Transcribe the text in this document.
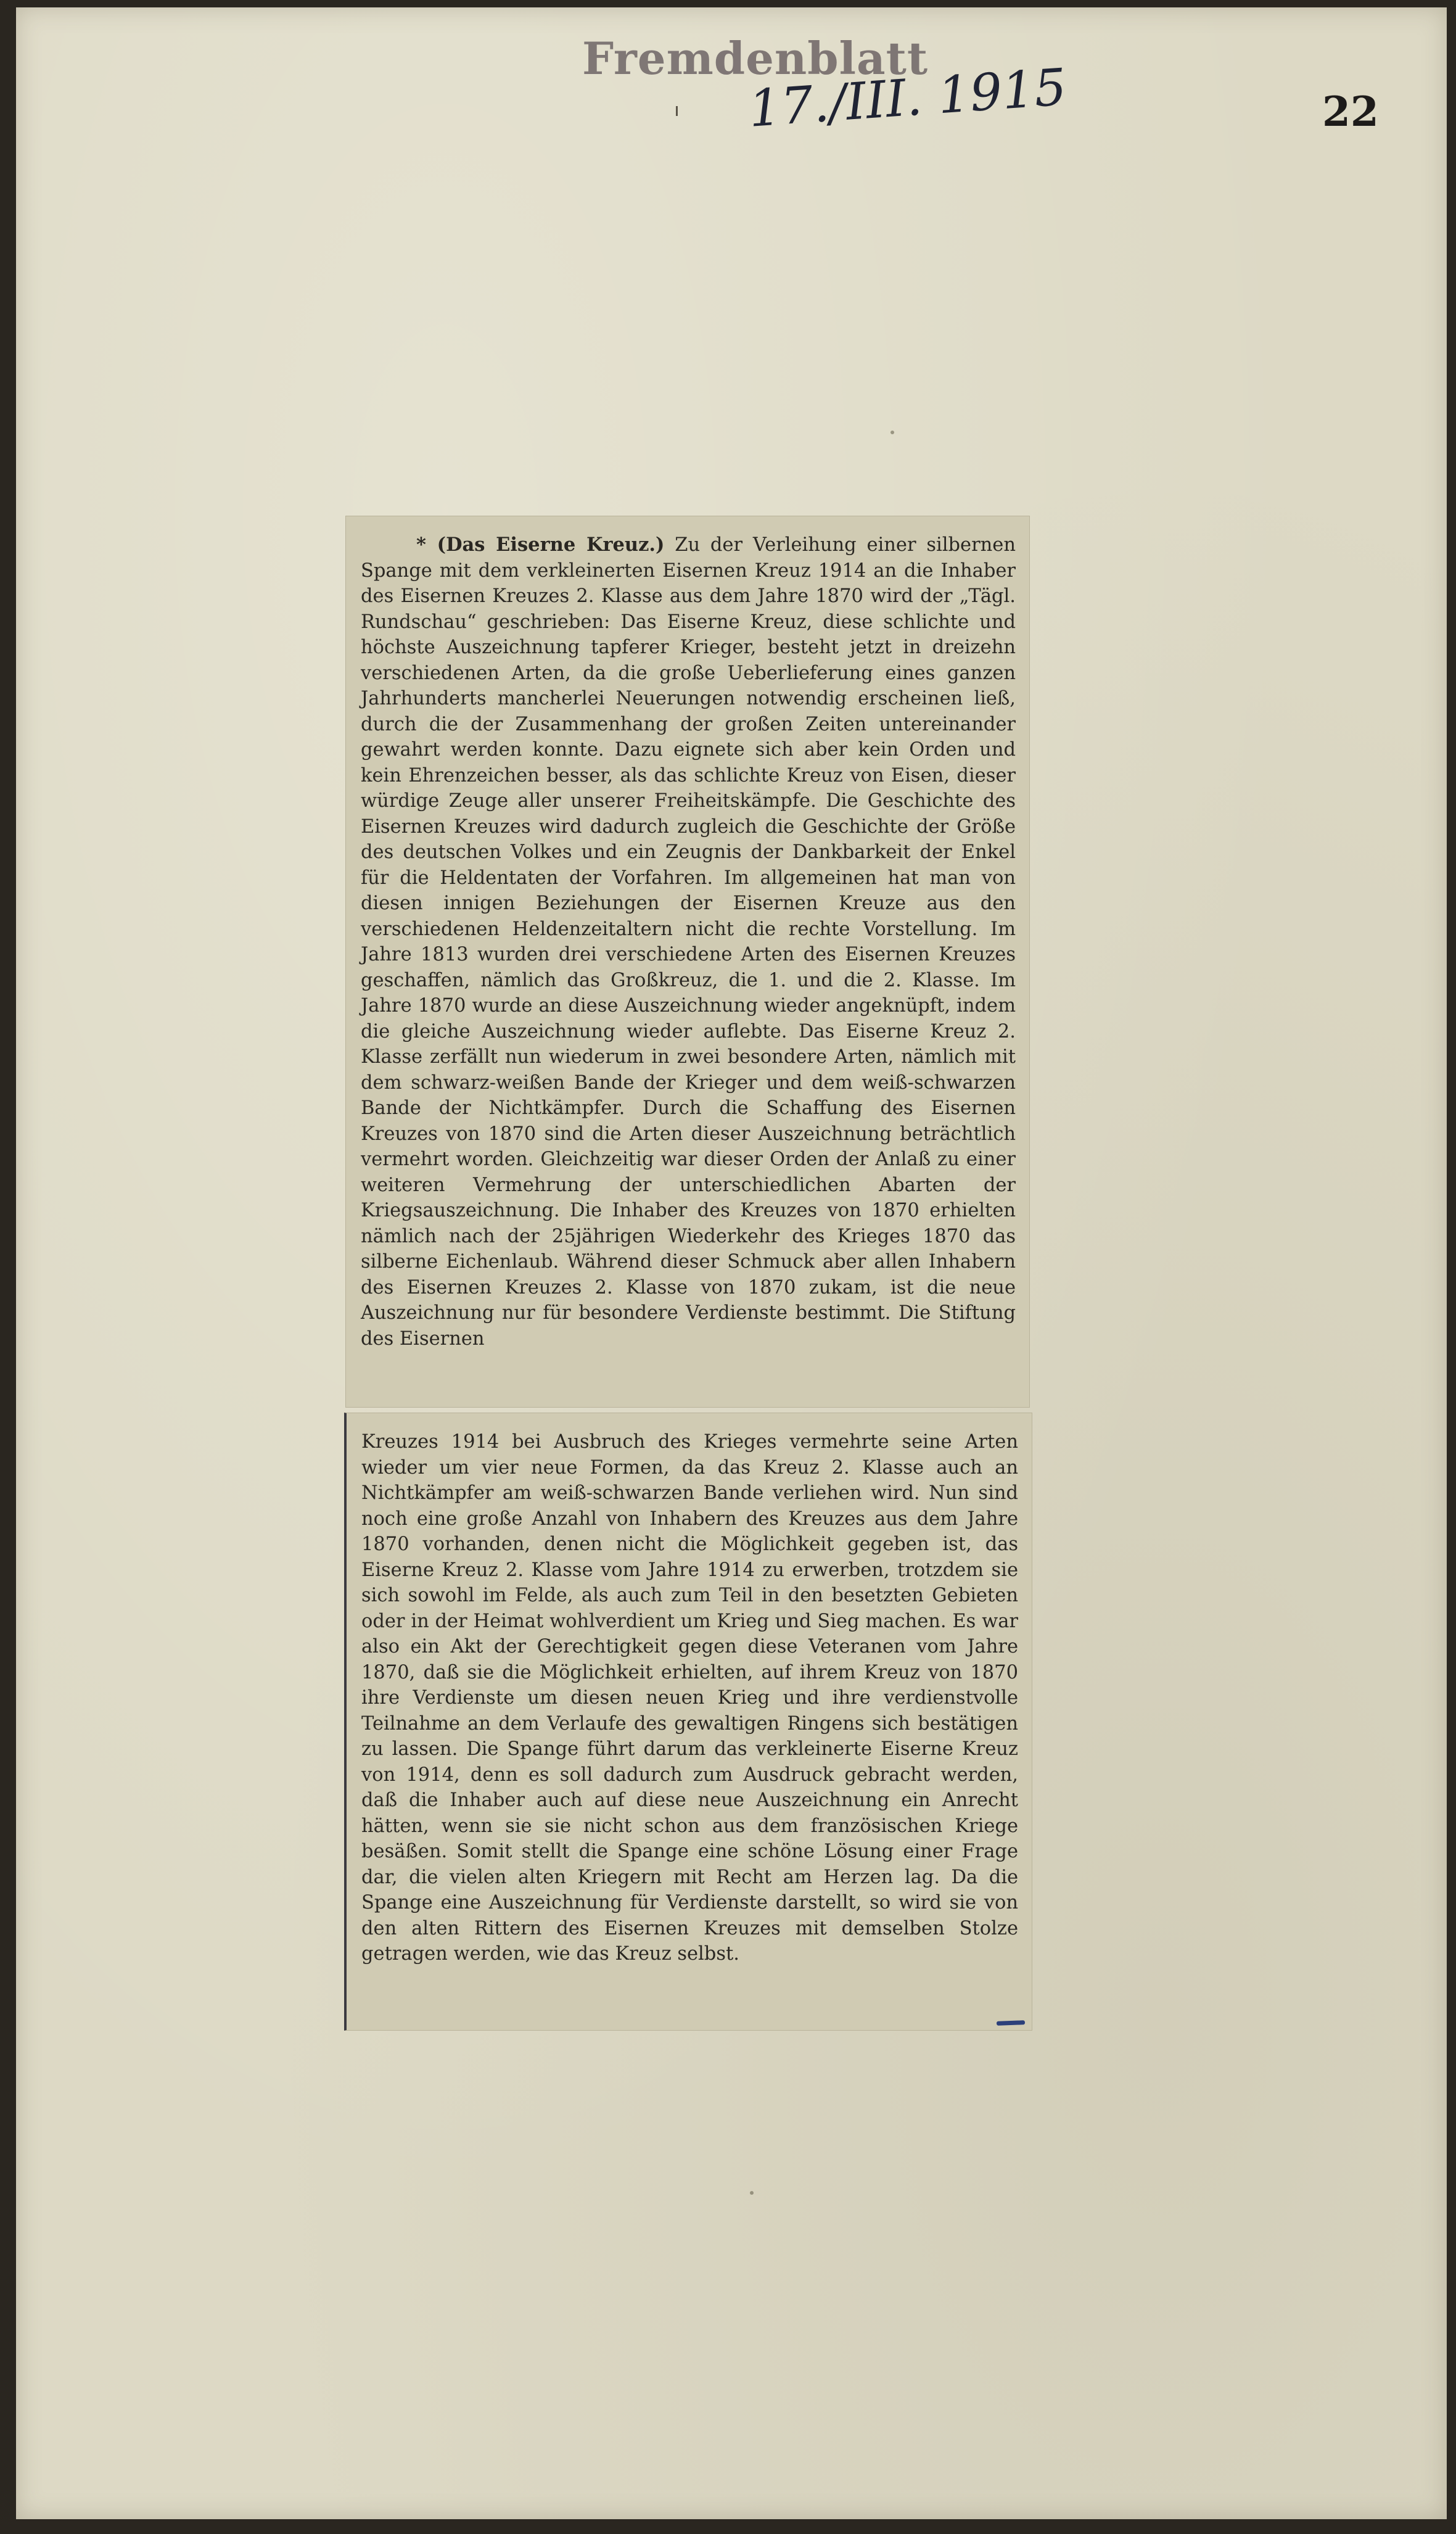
Fremdenblatt
17./III. 1915	22

* (Das Eiserne Kreuz.) Zu der Verleihung einer silbernen Spange mit dem verkleinerten Eisernen Kreuz 1914 an die Inhaber des Eisernen Kreuzes 2. Klasse aus dem Jahre 1870 wird der „Tägl. Rundschau“ geschrieben: Das Eiserne Kreuz, diese schlichte und höchste Auszeichnung tapferer Krieger, besteht jetzt in dreizehn verschiedenen Arten, da die große Ueberlieferung eines ganzen Jahrhunderts mancherlei Neuerungen notwendig erscheinen ließ, durch die der Zusammenhang der großen Zeiten untereinander gewahrt werden konnte. Dazu eignete sich aber kein Orden und kein Ehrenzeichen besser, als das schlichte Kreuz von Eisen, dieser würdige Zeuge aller unserer Freiheitskämpfe. Die Geschichte des Eisernen Kreuzes wird dadurch zugleich die Geschichte der Größe des deutschen Volkes und ein Zeugnis der Dankbarkeit der Enkel für die Heldentaten der Vorfahren. Im allgemeinen hat man von diesen innigen Beziehungen der Eisernen Kreuze aus den verschiedenen Heldenzeitaltern nicht die rechte Vorstellung. Im Jahre 1813 wurden drei verschiedene Arten des Eisernen Kreuzes geschaffen, nämlich das Großkreuz, die 1. und die 2. Klasse. Im Jahre 1870 wurde an diese Auszeichnung wieder angeknüpft, indem die gleiche Auszeichnung wieder auflebte. Das Eiserne Kreuz 2. Klasse zerfällt nun wiederum in zwei besondere Arten, nämlich mit dem schwarz-weißen Bande der Krieger und dem weiß-schwarzen Bande der Nichtkämpfer. Durch die Schaffung des Eisernen Kreuzes von 1870 sind die Arten dieser Auszeichnung beträchtlich vermehrt worden. Gleichzeitig war dieser Orden der Anlaß zu einer weiteren Vermehrung der unterschiedlichen Abarten der Kriegsauszeichnung. Die Inhaber des Kreuzes von 1870 erhielten nämlich nach der 25jährigen Wiederkehr des Krieges 1870 das silberne Eichenlaub. Während dieser Schmuck aber allen Inhabern des Eisernen Kreuzes 2. Klasse von 1870 zukam, ist die neue Auszeichnung nur für besondere Verdienste bestimmt. Die Stiftung des Eisernen

Kreuzes 1914 bei Ausbruch des Krieges vermehrte seine Arten wieder um vier neue Formen, da das Kreuz 2. Klasse auch an Nichtkämpfer am weiß-schwarzen Bande verliehen wird. Nun sind noch eine große Anzahl von Inhabern des Kreuzes aus dem Jahre 1870 vorhanden, denen nicht die Möglichkeit gegeben ist, das Eiserne Kreuz 2. Klasse vom Jahre 1914 zu erwerben, trotzdem sie sich sowohl im Felde, als auch zum Teil in den besetzten Gebieten oder in der Heimat wohlverdient um Krieg und Sieg machen. Es war also ein Akt der Gerechtigkeit gegen diese Veteranen vom Jahre 1870, daß sie die Möglichkeit erhielten, auf ihrem Kreuz von 1870 ihre Verdienste um diesen neuen Krieg und ihre verdienstvolle Teilnahme an dem Verlaufe des gewaltigen Ringens sich bestätigen zu lassen. Die Spange führt darum das verkleinerte Eiserne Kreuz von 1914, denn es soll dadurch zum Ausdruck gebracht werden, daß die Inhaber auch auf diese neue Auszeichnung ein Anrecht hätten, wenn sie sie nicht schon aus dem französischen Kriege besäßen. Somit stellt die Spange eine schöne Lösung einer Frage dar, die vielen alten Kriegern mit Recht am Herzen lag. Da die Spange eine Auszeichnung für Verdienste darstellt, so wird sie von den alten Rittern des Eisernen Kreuzes mit demselben Stolze getragen werden, wie das Kreuz selbst.
